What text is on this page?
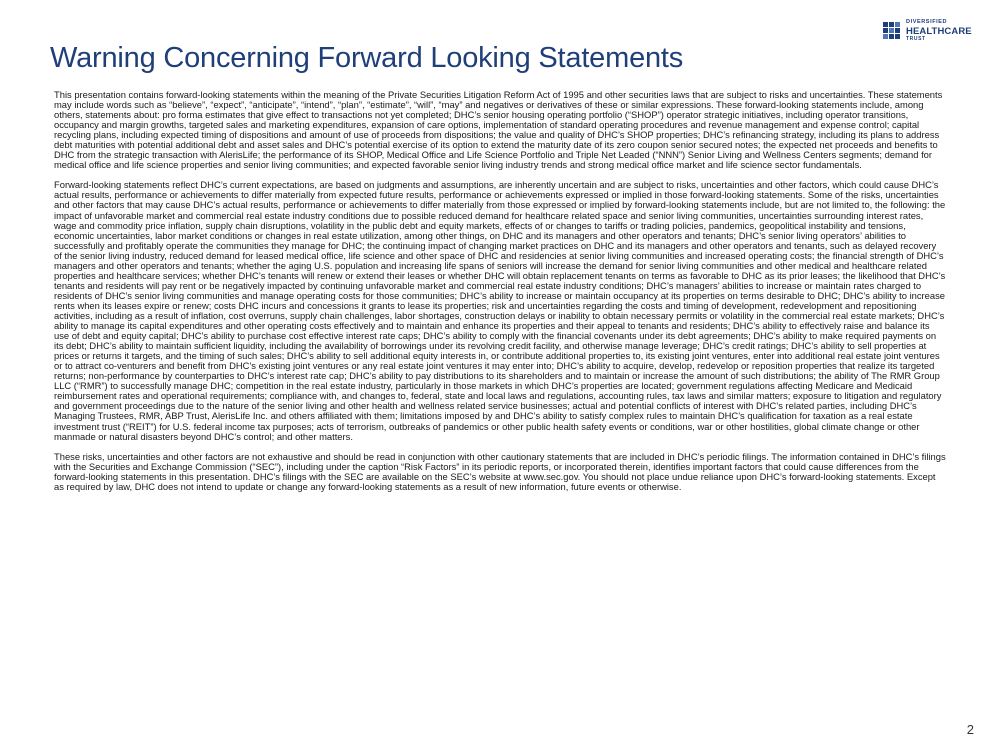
DIVERSIFIED
HEALTHCARE
TRUST
Warning Concerning Forward Looking Statements

This presentation contains forward-looking statements within the meaning of the Private Securities Litigation Reform Act of 1995 and other securities laws that are subject to risks and uncertainties. These statements may include words such as “believe”, “expect”, “anticipate”, “intend”, “plan”, “estimate”, “will”, “may” and negatives or derivatives of these or similar expressions. These forward-looking statements include, among others, statements about: pro forma estimates that give effect to transactions not yet completed; DHC’s senior housing operating portfolio (“SHOP”) operator strategic initiatives, including operator transitions, occupancy and margin growths, targeted sales and marketing expenditures, expansion of care options, implementation of standard operating procedures and revenue management and expense control; capital recycling plans, including expected timing of dispositions and amount of use of proceeds from dispositions; the value and quality of DHC’s SHOP properties; DHC’s refinancing strategy, including its plans to address debt maturities with potential additional debt and asset sales and DHC’s potential exercise of its option to extend the maturity date of its zero coupon senior secured notes; the expected net proceeds and benefits to DHC from the strategic transaction with AlerisLife; the performance of its SHOP, Medical Office and Life Science Portfolio and Triple Net Leaded (“NNN”) Senior Living and Wellness Centers segments; demand for medical office and life science properties and senior living communities; and expected favorable senior living industry trends and strong medical office market and life science sector fundamentals.

Forward-looking statements reflect DHC’s current expectations, are based on judgments and assumptions, are inherently uncertain and are subject to risks, uncertainties and other factors, which could cause DHC’s actual results, performance or achievements to differ materially from expected future results, performance or achievements expressed or implied in those forward-looking statements. Some of the risks, uncertainties and other factors that may cause DHC’s actual results, performance or achievements to differ materially from those expressed or implied by forward-looking statements include, but are not limited to, the following: the impact of unfavorable market and commercial real estate industry conditions due to possible reduced demand for healthcare related space and senior living communities, uncertainties surrounding interest rates, wage and commodity price inflation, supply chain disruptions, volatility in the public debt and equity markets, effects of or changes to tariffs or trading policies, pandemics, geopolitical instability and tensions, economic uncertainties, labor market conditions or changes in real estate utilization, among other things, on DHC and its managers and other operators and tenants; DHC’s senior living operators’ abilities to successfully and profitably operate the communities they manage for DHC; the continuing impact of changing market practices on DHC and its managers and other operators and tenants, such as delayed recovery of the senior living industry, reduced demand for leased medical office, life science and other space of DHC and residencies at senior living communities and increased operating costs; the financial strength of DHC’s managers and other operators and tenants; whether the aging U.S. population and increasing life spans of seniors will increase the demand for senior living communities and other medical and healthcare related properties and healthcare services; whether DHC’s tenants will renew or extend their leases or whether DHC will obtain replacement tenants on terms as favorable to DHC as its prior leases; the likelihood that DHC’s tenants and residents will pay rent or be negatively impacted by continuing unfavorable market and commercial real estate industry conditions; DHC’s managers’ abilities to increase or maintain rates charged to residents of DHC’s senior living communities and manage operating costs for those communities; DHC’s ability to increase or maintain occupancy at its properties on terms desirable to DHC; DHC’s ability to increase rents when its leases expire or renew; costs DHC incurs and concessions it grants to lease its properties; risk and uncertainties regarding the costs and timing of development, redevelopment and repositioning activities, including as a result of inflation, cost overruns, supply chain challenges, labor shortages, construction delays or inability to obtain necessary permits or volatility in the commercial real estate markets; DHC’s ability to manage its capital expenditures and other operating costs effectively and to maintain and enhance its properties and their appeal to tenants and residents; DHC’s ability to effectively raise and balance its use of debt and equity capital; DHC’s ability to purchase cost effective interest rate caps; DHC’s ability to comply with the financial covenants under its debt agreements; DHC’s ability to make required payments on its debt; DHC’s ability to maintain sufficient liquidity, including the availability of borrowings under its revolving credit facility, and otherwise manage leverage; DHC’s credit ratings; DHC’s ability to sell properties at prices or returns it targets, and the timing of such sales; DHC’s ability to sell additional equity interests in, or contribute additional properties to, its existing joint ventures, enter into additional real estate joint ventures or to attract co-venturers and benefit from DHC’s existing joint ventures or any real estate joint ventures it may enter into; DHC’s ability to acquire, develop, redevelop or reposition properties that realize its targeted returns; non-performance by counterparties to DHC’s interest rate cap; DHC’s ability to pay distributions to its shareholders and to maintain or increase the amount of such distributions; the ability of The RMR Group LLC (“RMR”) to successfully manage DHC; competition in the real estate industry, particularly in those markets in which DHC’s properties are located; government regulations affecting Medicare and Medicaid reimbursement rates and operational requirements; compliance with, and changes to, federal, state and local laws and regulations, accounting rules, tax laws and similar matters; exposure to litigation and regulatory and government proceedings due to the nature of the senior living and other health and wellness related service businesses; actual and potential conflicts of interest with DHC’s related parties, including DHC’s Managing Trustees, RMR, ABP Trust, AlerisLife Inc. and others affiliated with them; limitations imposed by and DHC’s ability to satisfy complex rules to maintain DHC’s qualification for taxation as a real estate investment trust (“REIT”) for U.S. federal income tax purposes; acts of terrorism, outbreaks of pandemics or other public health safety events or conditions, war or other hostilities, global climate change or other manmade or natural disasters beyond DHC’s control; and other matters.

These risks, uncertainties and other factors are not exhaustive and should be read in conjunction with other cautionary statements that are included in DHC’s periodic filings. The information contained in DHC’s filings with the Securities and Exchange Commission (“SEC”), including under the caption “Risk Factors” in its periodic reports, or incorporated therein, identifies important factors that could cause differences from the forward-looking statements in this presentation. DHC’s filings with the SEC are available on the SEC’s website at www.sec.gov. You should not place undue reliance upon DHC’s forward-looking statements. Except as required by law, DHC does not intend to update or change any forward-looking statements as a result of new information, future events or otherwise.

2
